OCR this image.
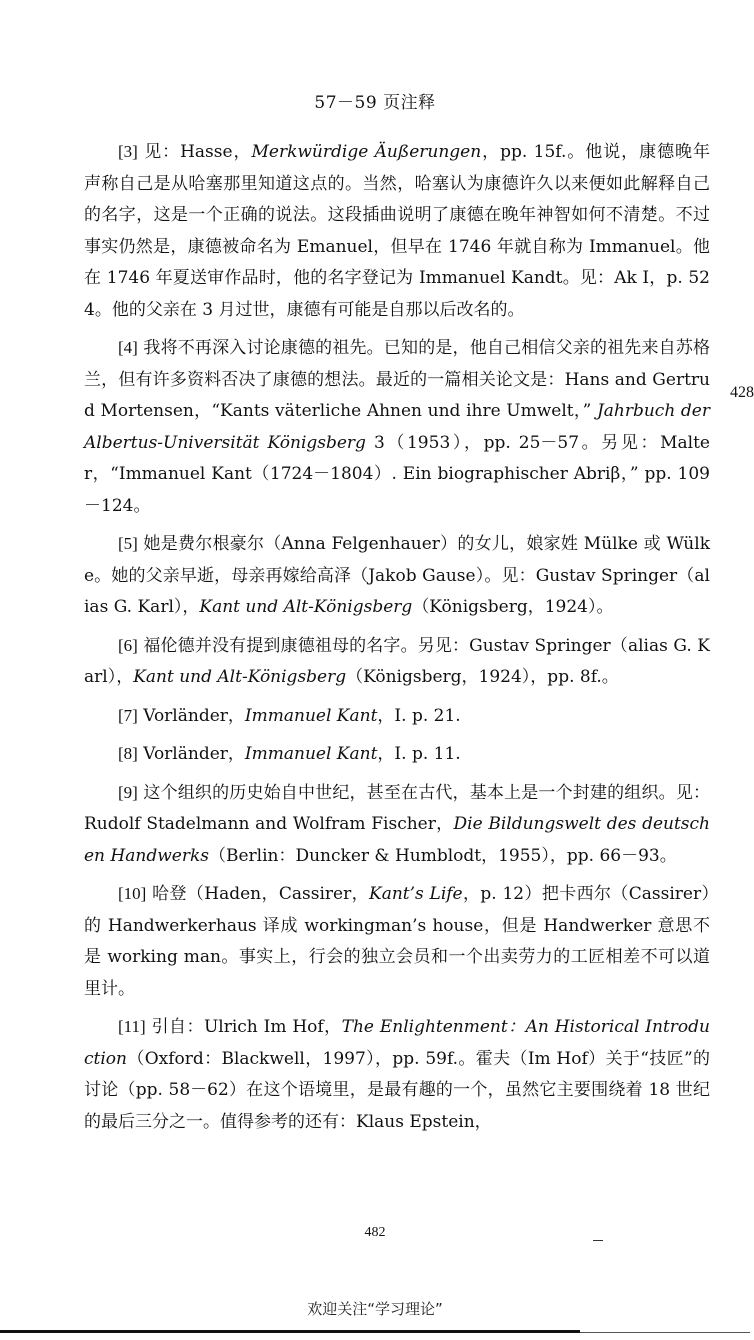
57－59 页注释

[3] 见：Hasse，Merkwürdige Äußerungen，pp. 15f.。他说，康德晚年声称自己是从哈塞那里知道这点的。当然，哈塞认为康德许久以来便如此解释自己的名字，这是一个正确的说法。这段插曲说明了康德在晚年神智如何不清楚。不过事实仍然是，康德被命名为 Emanuel，但早在 1746 年就自称为 Immanuel。他在 1746 年夏送审作品时，他的名字登记为 Immanuel Kandt。见：Ak I，p. 524。他的父亲在 3 月过世，康德有可能是自那以后改名的。

[4] 我将不再深入讨论康德的祖先。已知的是，他自己相信父亲的祖先来自苏格兰，但有许多资料否决了康德的想法。最近的一篇相关论文是：Hans and Gertrud Mortensen，“Kants väterliche Ahnen und ihre Umwelt，” Jahrbuch der Albertus-Universität Königsberg 3（1953），pp. 25－57。另见：Malter，“Immanuel Kant（1724－1804）. Ein biographischer Abriβ，” pp. 109－124。

[5] 她是费尔根豪尔（Anna Felgenhauer）的女儿，娘家姓 Mülke 或 Wülke。她的父亲早逝，母亲再嫁给高泽（Jakob Gause）。见：Gustav Springer（alias G. Karl），Kant und Alt-Königsberg（Königsberg，1924）。

[6] 福伦德并没有提到康德祖母的名字。另见：Gustav Springer（alias G. Karl），Kant und Alt-Königsberg（Königsberg，1924），pp. 8f.。

[7] Vorländer，Immanuel Kant，I. p. 21.

[8] Vorländer，Immanuel Kant，I. p. 11.

[9] 这个组织的历史始自中世纪，甚至在古代，基本上是一个封建的组织。见：Rudolf Stadelmann and Wolfram Fischer，Die Bildungswelt des deutschen Handwerks（Berlin：Duncker & Humblodt，1955），pp. 66－93。

[10] 哈登（Haden，Cassirer，Kant’s Life，p. 12）把卡西尔（Cassirer）的 Handwerkerhaus 译成 workingman’s house，但是 Handwerker 意思不是 working man。事实上，行会的独立会员和一个出卖劳力的工匠相差不可以道里计。

[11] 引自：Ulrich Im Hof，The Enlightenment：An Historical Introduction（Oxford：Blackwell，1997），pp. 59f.。霍夫（Im Hof）关于“技匠”的讨论（pp. 58－62）在这个语境里，是最有趣的一个，虽然它主要围绕着 18 世纪的最后三分之一。值得参考的还有：Klaus Epstein，

428
482
欢迎关注“学习理论”
